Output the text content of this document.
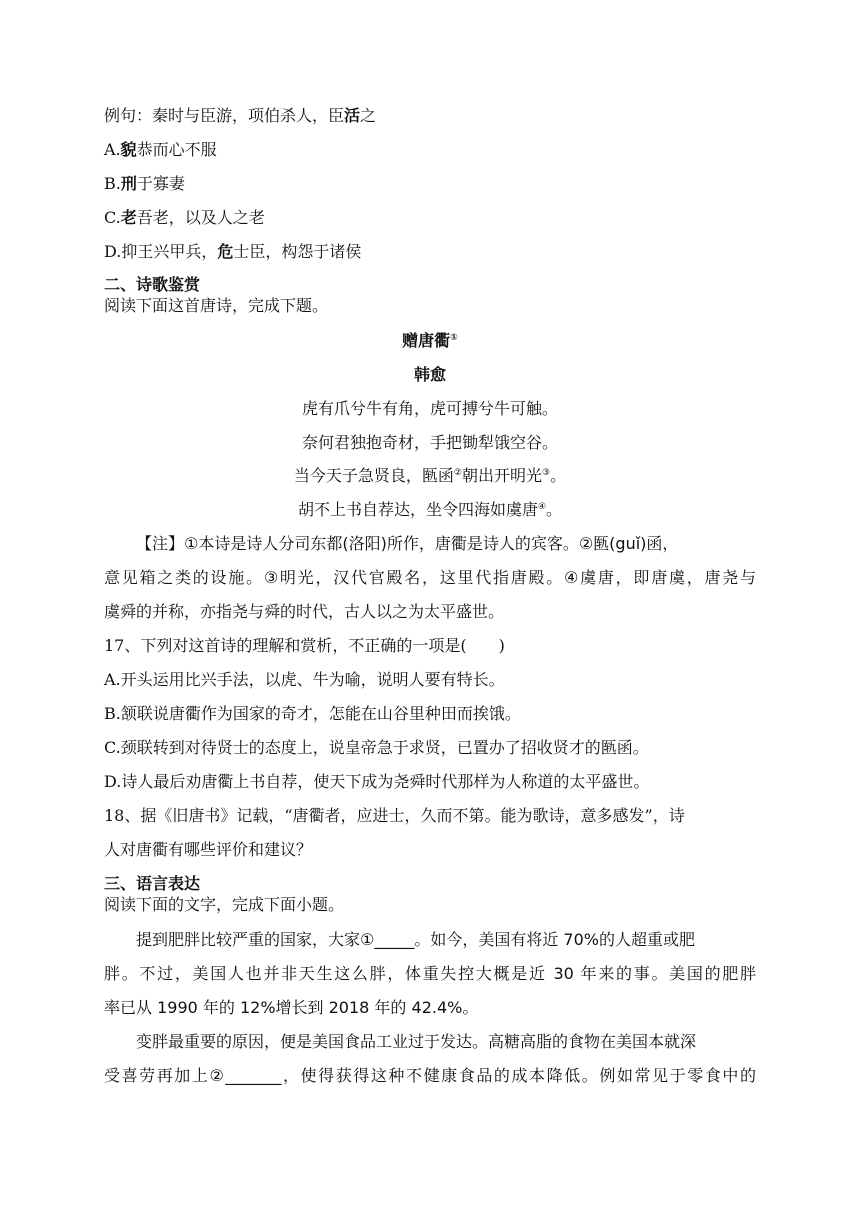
例句：秦时与臣游，项伯杀人，臣活之
A.貌恭而心不服
B.刑于寡妻
C.老吾老，以及人之老
D.抑王兴甲兵，危士臣，构怨于诸侯
二、诗歌鉴赏
阅读下面这首唐诗，完成下题。
赠唐衢①
韩愈
虎有爪兮牛有角，虎可搏兮牛可触。
奈何君独抱奇材，手把锄犁饿空谷。
当今天子急贤良，匦函②朝出开明光③。
胡不上书自荐达，坐令四海如虞唐④。
【注】①本诗是诗人分司东都(洛阳)所作，唐衢是诗人的宾客。②匦(guǐ)函，
意见箱之类的设施。③明光，汉代官殿名，这里代指唐殿。④虞唐，即唐虞，唐尧与
虞舜的并称，亦指尧与舜的时代，古人以之为太平盛世。
17、下列对这首诗的理解和赏析，不正确的一项是(　　)
A.开头运用比兴手法，以虎、牛为喻，说明人要有特长。
B.颔联说唐衢作为国家的奇才，怎能在山谷里种田而挨饿。
C.颈联转到对待贤士的态度上，说皇帝急于求贤，已置办了招收贤才的匦函。
D.诗人最后劝唐衢上书自荐，使天下成为尧舜时代那样为人称道的太平盛世。
18、据《旧唐书》记载，“唐衢者，应进士，久而不第。能为歌诗，意多感发”，诗
人对唐衢有哪些评价和建议？
三、语言表达
阅读下面的文字，完成下面小题。
提到肥胖比较严重的国家，大家①_____。如今，美国有将近 70%的人超重或肥
胖。不过，美国人也并非天生这么胖，体重失控大概是近 30 年来的事。美国的肥胖
率已从 1990 年的 12%增长到 2018 年的 42.4%。
变胖最重要的原因，便是美国食品工业过于发达。高糖高脂的食物在美国本就深
受喜劳再加上②_______，使得获得这种不健康食品的成本降低。例如常见于零食中的
